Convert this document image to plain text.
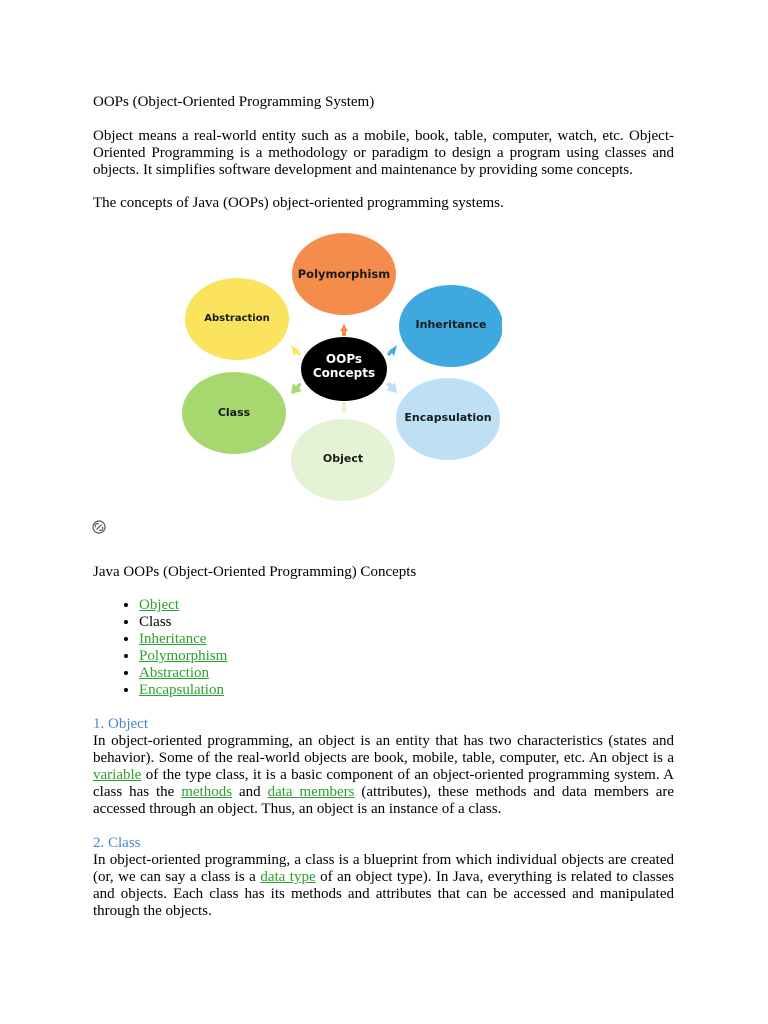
OOPs (Object-Oriented Programming System)
Object means a real-world entity such as a mobile, book, table, computer, watch, etc. Object-Oriented Programming is a methodology or paradigm to design a program using classes and objects. It simplifies software development and maintenance by providing some concepts.
The concepts of Java (OOPs) object-oriented programming systems.
Polymorphism
Inheritance
Encapsulation
Object
Class
Abstraction
OOPs
Concepts
Java OOPs (Object-Oriented Programming) Concepts
• Object
• Class
• Inheritance
• Polymorphism
• Abstraction
• Encapsulation
1. Object
In object-oriented programming, an object is an entity that has two characteristics (states and behavior). Some of the real-world objects are book, mobile, table, computer, etc. An object is a variable of the type class, it is a basic component of an object-oriented programming system. A class has the methods and data members (attributes), these methods and data members are accessed through an object. Thus, an object is an instance of a class.
2. Class
In object-oriented programming, a class is a blueprint from which individual objects are created (or, we can say a class is a data type of an object type). In Java, everything is related to classes and objects. Each class has its methods and attributes that can be accessed and manipulated through the objects.
